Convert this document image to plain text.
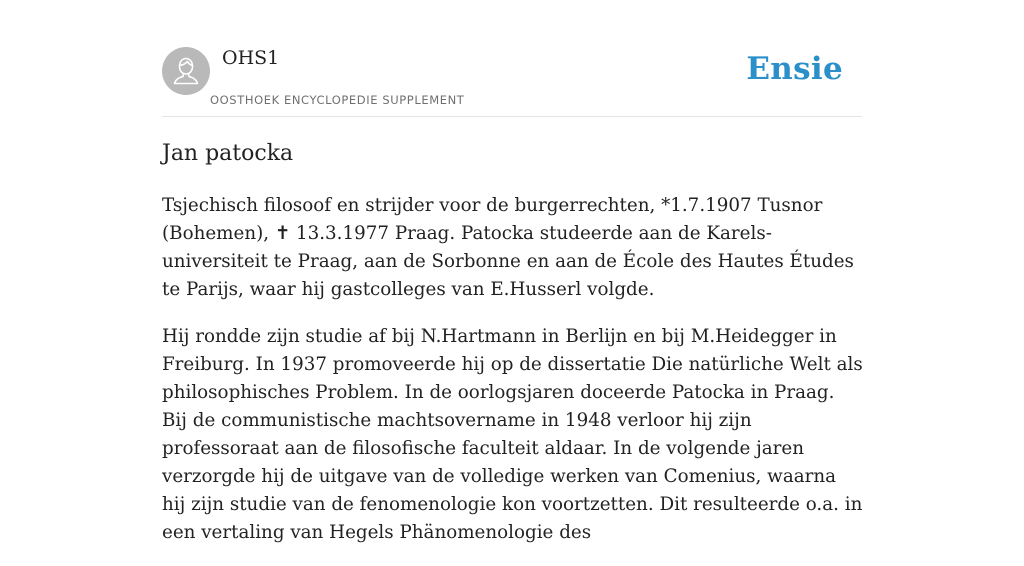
OHS1
OOSTHOEK ENCYCLOPEDIE SUPPLEMENT
Ensie
Jan patocka

Tsjechisch filosoof en strijder voor de burgerrechten, *1.7.1907 Tusnor (Bohemen), ✝ 13.3.1977 Praag. Patocka studeerde aan de Karels-universiteit te Praag, aan de Sorbonne en aan de École des Hautes Études te Parijs, waar hij gastcolleges van E.Husserl volgde.

Hij rondde zijn studie af bij N.Hartmann in Berlijn en bij M.Heidegger in Freiburg. In 1937 promoveerde hij op de dissertatie Die natürliche Welt als philosophisches Problem. In de oorlogsjaren doceerde Patocka in Praag. Bij de communistische machtsovername in 1948 verloor hij zijn professoraat aan de filosofische faculteit aldaar. In de volgende jaren verzorgde hij de uitgave van de volledige werken van Comenius, waarna hij zijn studie van de fenomenologie kon voortzetten. Dit resulteerde o.a. in een vertaling van Hegels Phänomenologie des
